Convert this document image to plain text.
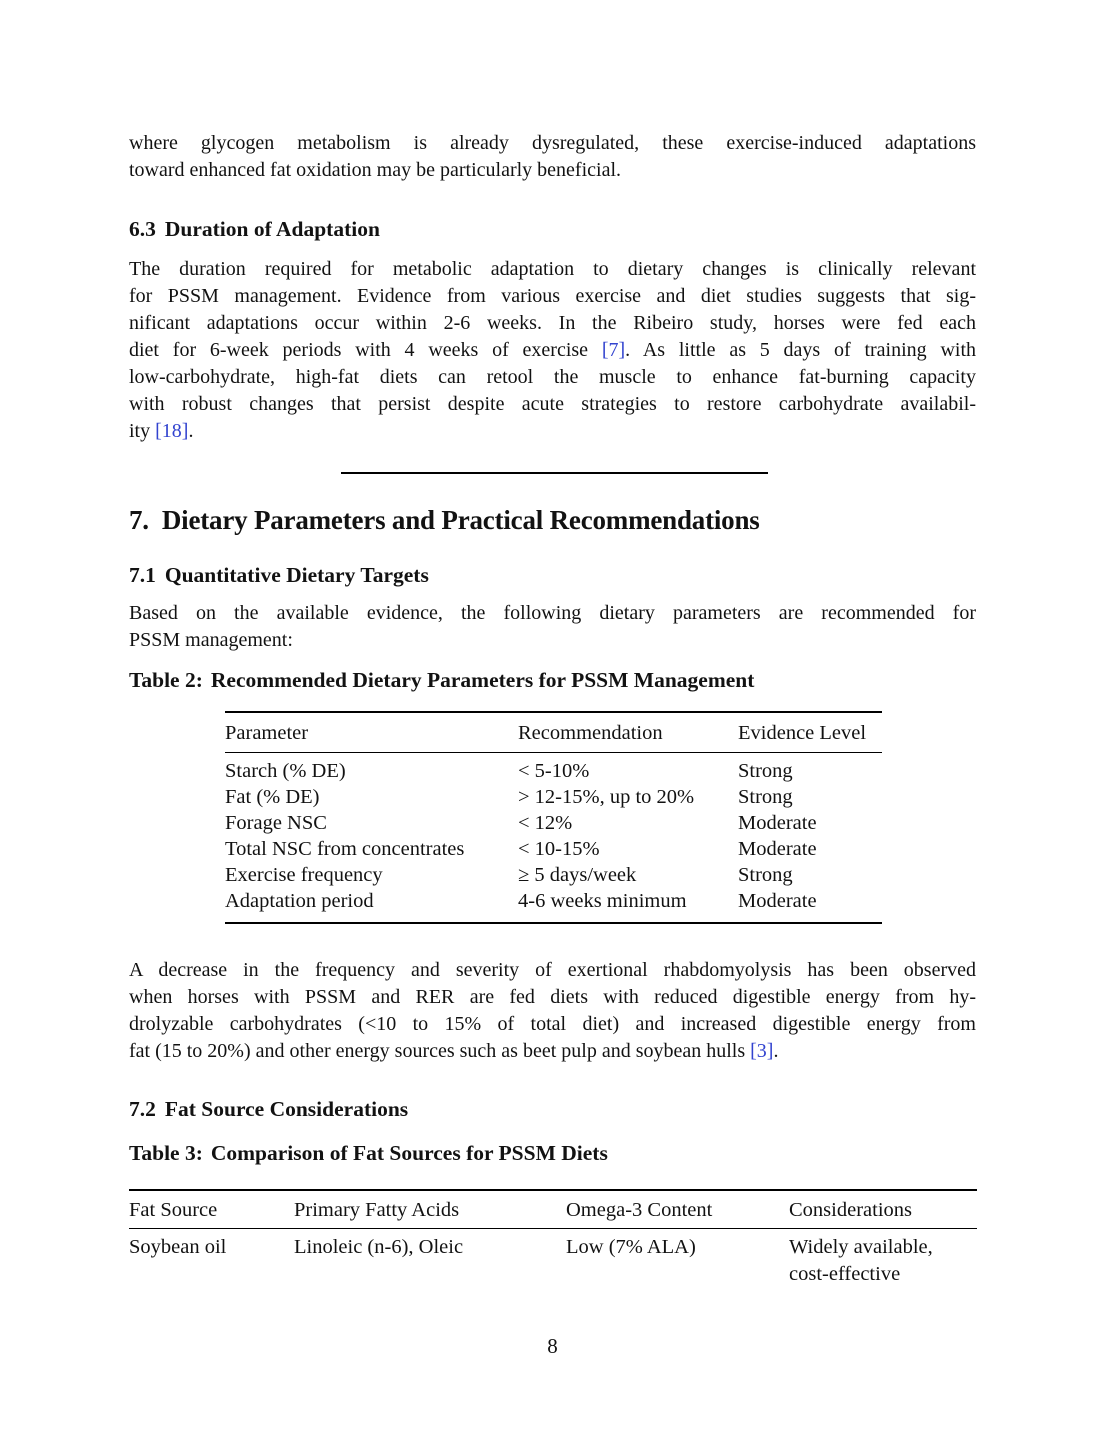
where glycogen metabolism is already dysregulated, these exercise-induced adaptations
toward enhanced fat oxidation may be particularly beneficial.
6.3 Duration of Adaptation
The duration required for metabolic adaptation to dietary changes is clinically relevant
for PSSM management. Evidence from various exercise and diet studies suggests that sig-
nificant adaptations occur within 2-6 weeks. In the Ribeiro study, horses were fed each
diet for 6-week periods with 4 weeks of exercise [7]. As little as 5 days of training with
low-carbohydrate, high-fat diets can retool the muscle to enhance fat-burning capacity
with robust changes that persist despite acute strategies to restore carbohydrate availabil-
ity [18].
7. Dietary Parameters and Practical Recommendations
7.1 Quantitative Dietary Targets
Based on the available evidence, the following dietary parameters are recommended for
PSSM management:
Table 2: Recommended Dietary Parameters for PSSM Management
Parameter	Recommendation	Evidence Level
Starch (% DE)	< 5-10%	Strong
Fat (% DE)	> 12-15%, up to 20%	Strong
Forage NSC	< 12%	Moderate
Total NSC from concentrates	< 10-15%	Moderate
Exercise frequency	≥ 5 days/week	Strong
Adaptation period	4-6 weeks minimum	Moderate
A decrease in the frequency and severity of exertional rhabdomyolysis has been observed
when horses with PSSM and RER are fed diets with reduced digestible energy from hy-
drolyzable carbohydrates (<10 to 15% of total diet) and increased digestible energy from
fat (15 to 20%) and other energy sources such as beet pulp and soybean hulls [3].
7.2 Fat Source Considerations
Table 3: Comparison of Fat Sources for PSSM Diets
Fat Source	Primary Fatty Acids	Omega-3 Content	Considerations
Soybean oil	Linoleic (n-6), Oleic	Low (7% ALA)	Widely available,
cost-effective
8
